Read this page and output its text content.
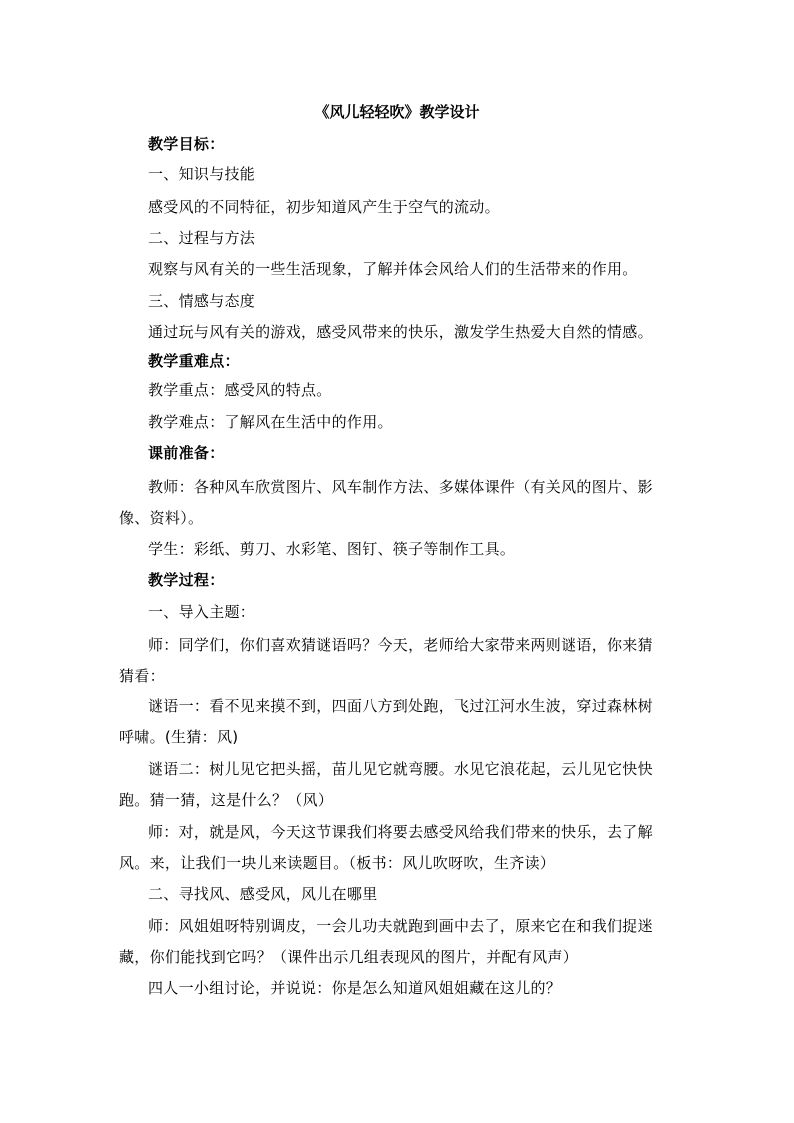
《风儿轻轻吹》教学设计
教学目标：
一、知识与技能
感受风的不同特征，初步知道风产生于空气的流动。
二、过程与方法
观察与风有关的一些生活现象，了解并体会风给人们的生活带来的作用。
三、情感与态度
通过玩与风有关的游戏，感受风带来的快乐，激发学生热爱大自然的情感。
教学重难点：
教学重点：感受风的特点。
教学难点：了解风在生活中的作用。
课前准备：
教师：各种风车欣赏图片、风车制作方法、多媒体课件（有关风的图片、影
像、资料）。
学生：彩纸、剪刀、水彩笔、图钉、筷子等制作工具。
教学过程：
一、导入主题：
师：同学们，你们喜欢猜谜语吗？今天，老师给大家带来两则谜语，你来猜
猜看：
谜语一：看不见来摸不到，四面八方到处跑，飞过江河水生波，穿过森林树
呼啸。(生猜：风)
谜语二：树儿见它把头摇，苗儿见它就弯腰。水见它浪花起，云儿见它快快
跑。猜一猜，这是什么？（风）
师：对，就是风，今天这节课我们将要去感受风给我们带来的快乐，去了解
风。来，让我们一块儿来读题目。（板书：风儿吹呀吹，生齐读）
二、寻找风、感受风，风儿在哪里
师：风姐姐呀特别调皮，一会儿功夫就跑到画中去了，原来它在和我们捉迷
藏，你们能找到它吗？（课件出示几组表现风的图片，并配有风声）
四人一小组讨论，并说说：你是怎么知道风姐姐藏在这儿的？
